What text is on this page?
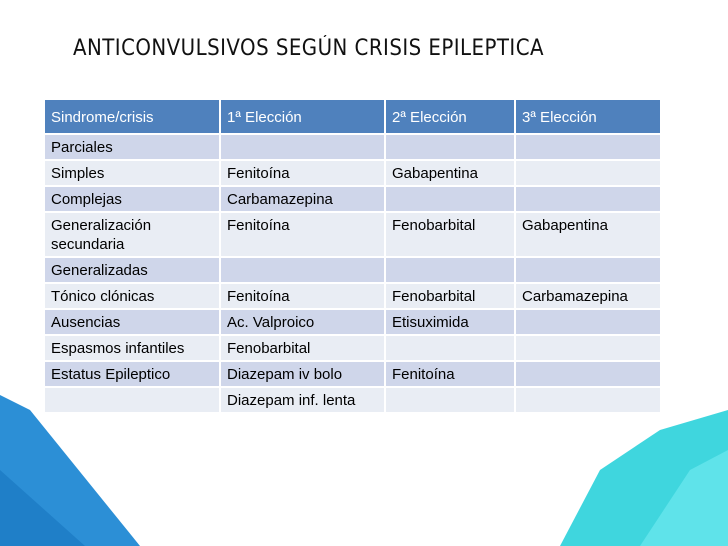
ANTICONVULSIVOS SEGÚN CRISIS EPILEPTICA
Sindrome/crisis	1ª Elección	2ª Elección	3ª Elección
Parciales			
Simples	Fenitoína	Gabapentina	
Complejas	Carbamazepina		
Generalización secundaria	Fenitoína	Fenobarbital	Gabapentina
Generalizadas			
Tónico clónicas	Fenitoína	Fenobarbital	Carbamazepina
Ausencias	Ac. Valproico	Etisuximida	
Espasmos infantiles	Fenobarbital		
Estatus Epileptico	Diazepam iv bolo	Fenitoína	
	Diazepam inf. lenta		
